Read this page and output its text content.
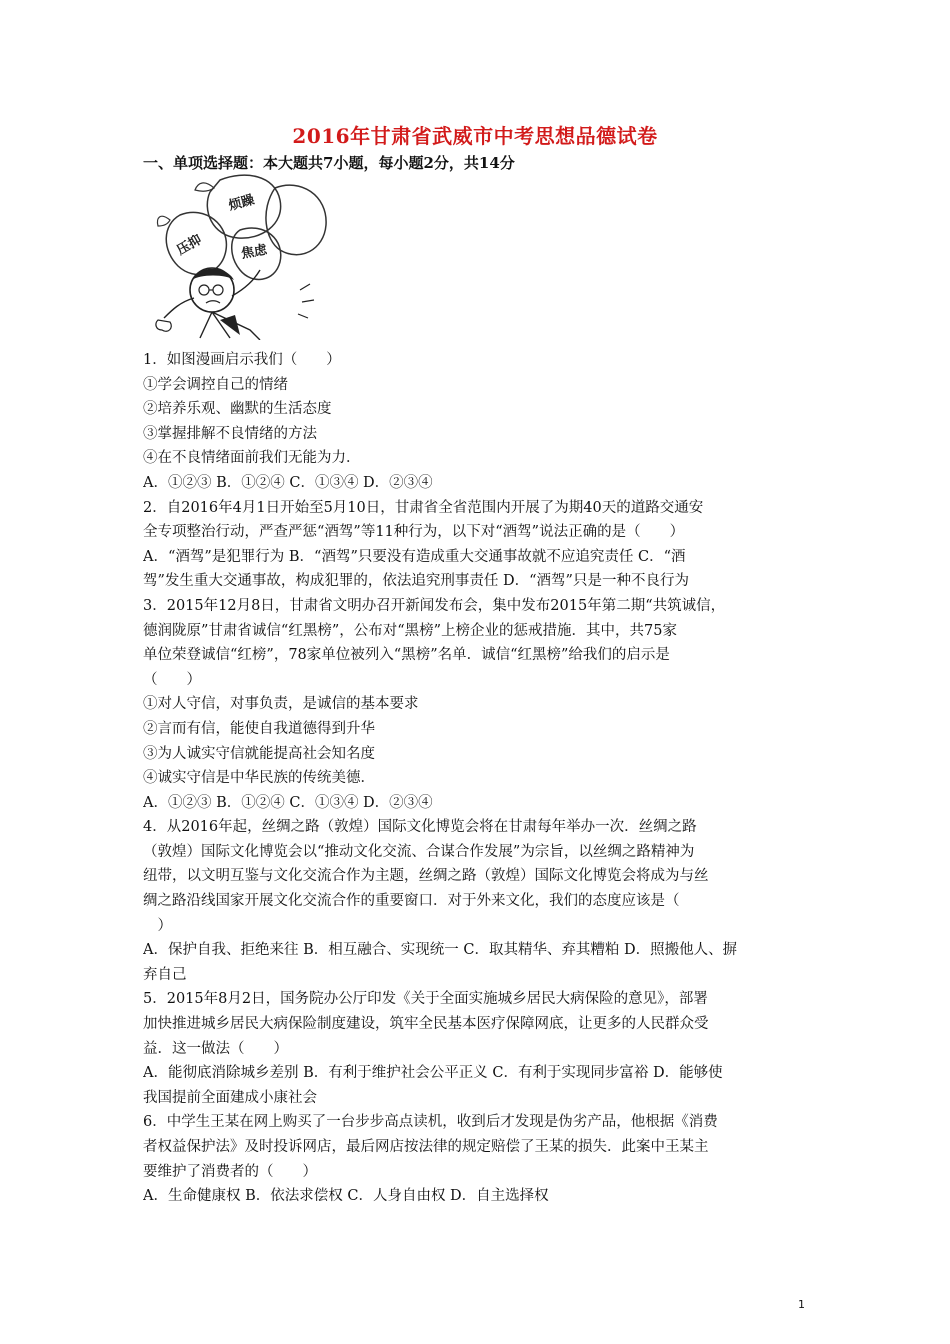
2016年甘肃省武威市中考思想品德试卷
一、单项选择题：本大题共7小题，每小题2分，共14分
烦躁
压抑	焦虑
1．如图漫画启示我们（　　）
①学会调控自己的情绪
②培养乐观、幽默的生活态度
③掌握排解不良情绪的方法
④在不良情绪面前我们无能为力．
A．①②③ B．①②④ C．①③④ D．②③④
2．自2016年4月1日开始至5月10日，甘肃省全省范围内开展了为期40天的道路交通安
全专项整治行动，严查严惩“酒驾”等11种行为，以下对“酒驾”说法正确的是（　　）
A．“酒驾”是犯罪行为 B．“酒驾”只要没有造成重大交通事故就不应追究责任 C．“酒
驾”发生重大交通事故，构成犯罪的，依法追究刑事责任 D．“酒驾”只是一种不良行为
3．2015年12月8日，甘肃省文明办召开新闻发布会，集中发布2015年第二期“共筑诚信，
德润陇原”甘肃省诚信“红黑榜”，公布对“黑榜”上榜企业的惩戒措施．其中，共75家
单位荣登诚信“红榜”，78家单位被列入“黑榜”名单．诚信“红黑榜”给我们的启示是
（　　）
①对人守信，对事负责，是诚信的基本要求
②言而有信，能使自我道德得到升华
③为人诚实守信就能提高社会知名度
④诚实守信是中华民族的传统美德．
A．①②③ B．①②④ C．①③④ D．②③④
4．从2016年起，丝绸之路（敦煌）国际文化博览会将在甘肃每年举办一次．丝绸之路
（敦煌）国际文化博览会以“推动文化交流、合谋合作发展”为宗旨，以丝绸之路精神为
纽带，以文明互鉴与文化交流合作为主题，丝绸之路（敦煌）国际文化博览会将成为与丝
绸之路沿线国家开展文化交流合作的重要窗口．对于外来文化，我们的态度应该是（
　）
A．保护自我、拒绝来往 B．相互融合、实现统一 C．取其精华、弃其糟粕 D．照搬他人、摒
弃自己
5．2015年8月2日，国务院办公厅印发《关于全面实施城乡居民大病保险的意见》，部署
加快推进城乡居民大病保险制度建设，筑牢全民基本医疗保障网底，让更多的人民群众受
益．这一做法（　　）
A．能彻底消除城乡差别 B．有利于维护社会公平正义 C．有利于实现同步富裕 D．能够使
我国提前全面建成小康社会
6．中学生王某在网上购买了一台步步高点读机，收到后才发现是伪劣产品，他根据《消费
者权益保护法》及时投诉网店，最后网店按法律的规定赔偿了王某的损失．此案中王某主
要维护了消费者的（　　）
A．生命健康权 B．依法求偿权 C．人身自由权 D．自主选择权
1
